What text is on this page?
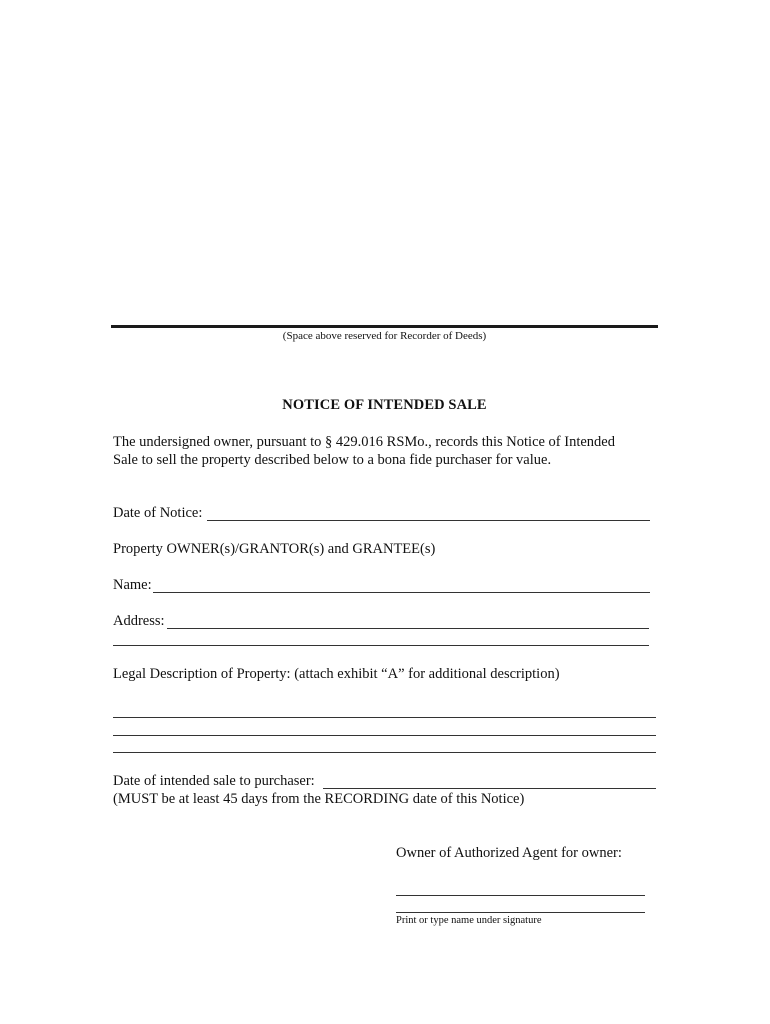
(Space above reserved for Recorder of Deeds)
NOTICE OF INTENDED SALE
The undersigned owner, pursuant to § 429.016 RSMo., records this Notice of Intended
Sale to sell the property described below to a bona fide purchaser for value.
Date of Notice:
Property OWNER(s)/GRANTOR(s) and GRANTEE(s)
Name:
Address:
Legal Description of Property: (attach exhibit “A” for additional description)
Date of intended sale to purchaser:
(MUST be at least 45 days from the RECORDING date of this Notice)
Owner of Authorized Agent for owner:
Print or type name under signature
